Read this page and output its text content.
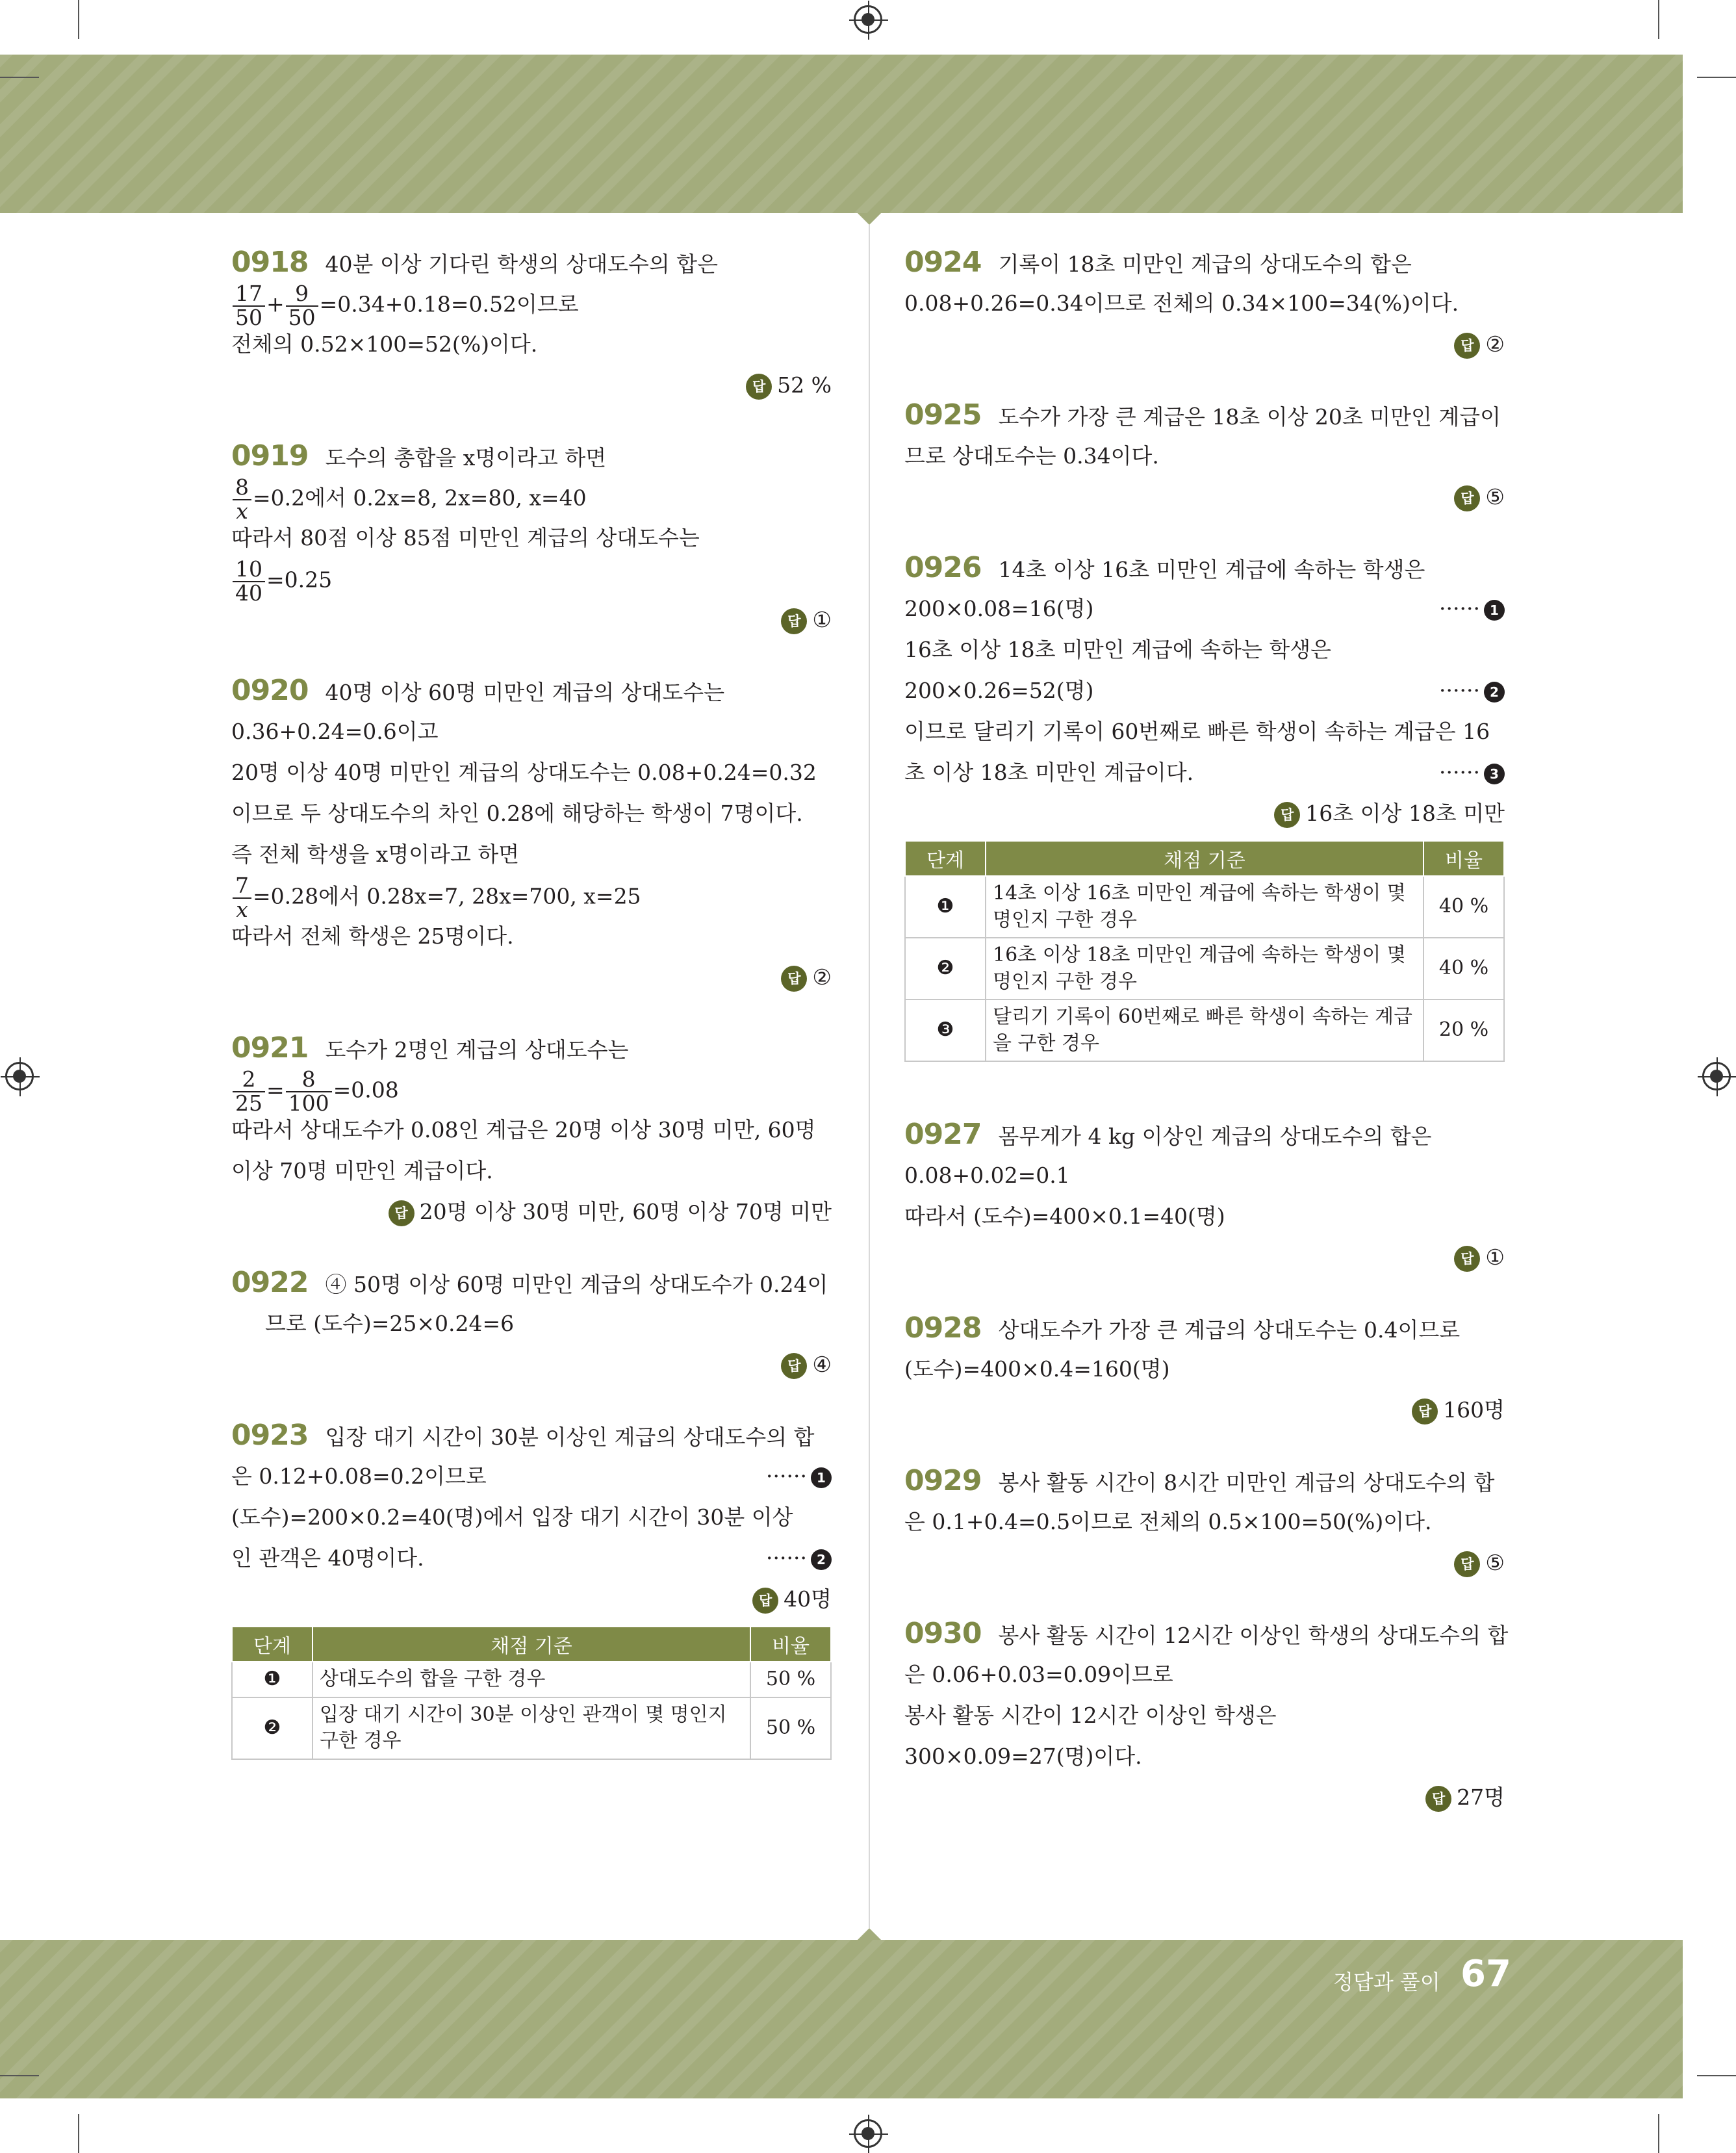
0918 40분 이상 기다린 학생의 상대도수의 합은
$\frac{17}{50} + \frac{9}{50} =0.34+0.18=0.52$이므로
전체의 0.52×100=52(%)이다.
답 52 %
0919 도수의 총합을 x명이라고 하면
$\frac{8}{x} =0.2$에서 0.2x=8, 2x=80, x=40
따라서 80점 이상 85점 미만인 계급의 상대도수는
$\frac{10}{40} =0.25$
답 ①
0920 40명 이상 60명 미만인 계급의 상대도수는
0.36+0.24=0.6이고
20명 이상 40명 미만인 계급의 상대도수는 0.08+0.24=0.32
이므로 두 상대도수의 차인 0.28에 해당하는 학생이 7명이다.
즉 전체 학생을 x명이라고 하면
$\frac{7}{x} =0.28$에서 0.28x=7, 28x=700, x=25
따라서 전체 학생은 25명이다.
답 ②
0921 도수가 2명인 계급의 상대도수는
$\frac{2}{25} = \frac{8}{100} =0.08$
따라서 상대도수가 0.08인 계급은 20명 이상 30명 미만, 60명
이상 70명 미만인 계급이다.
답 20명 이상 30명 미만, 60명 이상 70명 미만
0922 ④ 50명 이상 60명 미만인 계급의 상대도수가 0.24이
므로 (도수)=25×0.24=6
답 ④
0923 입장 대기 시간이 30분 이상인 계급의 상대도수의 합
은 0.12+0.08=0.2이므로	······ 1
(도수)=200×0.2=40(명)에서 입장 대기 시간이 30분 이상
인 관객은 40명이다.	······ 2
답 40명
단계	채점 기준	비율
❶	상대도수의 합을 구한 경우	50 %
❷	입장 대기 시간이 30분 이상인 관객이 몇 명인지 구한 경우	50 %
0924 기록이 18초 미만인 계급의 상대도수의 합은
0.08+0.26=0.34이므로 전체의 0.34×100=34(%)이다.
답 ②
0925 도수가 가장 큰 계급은 18초 이상 20초 미만인 계급이
므로 상대도수는 0.34이다.
답 ⑤
0926 14초 이상 16초 미만인 계급에 속하는 학생은
200×0.08=16(명)	······ 1
16초 이상 18초 미만인 계급에 속하는 학생은
200×0.26=52(명)	······ 2
이므로 달리기 기록이 60번째로 빠른 학생이 속하는 계급은 16
초 이상 18초 미만인 계급이다.	······ 3
답 16초 이상 18초 미만
단계	채점 기준	비율
❶	14초 이상 16초 미만인 계급에 속하는 학생이 몇 명인지 구한 경우	40 %
❷	16초 이상 18초 미만인 계급에 속하는 학생이 몇 명인지 구한 경우	40 %
❸	달리기 기록이 60번째로 빠른 학생이 속하는 계급을 구한 경우	20 %
0927 몸무게가 4 kg 이상인 계급의 상대도수의 합은
0.08+0.02=0.1
따라서 (도수)=400×0.1=40(명)
답 ①
0928 상대도수가 가장 큰 계급의 상대도수는 0.4이므로
(도수)=400×0.4=160(명)
답 160명
0929 봉사 활동 시간이 8시간 미만인 계급의 상대도수의 합
은 0.1+0.4=0.5이므로 전체의 0.5×100=50(%)이다.
답 ⑤
0930 봉사 활동 시간이 12시간 이상인 학생의 상대도수의 합
은 0.06+0.03=0.09이므로
봉사 활동 시간이 12시간 이상인 학생은
300×0.09=27(명)이다.
답 27명
정답과 풀이 67
